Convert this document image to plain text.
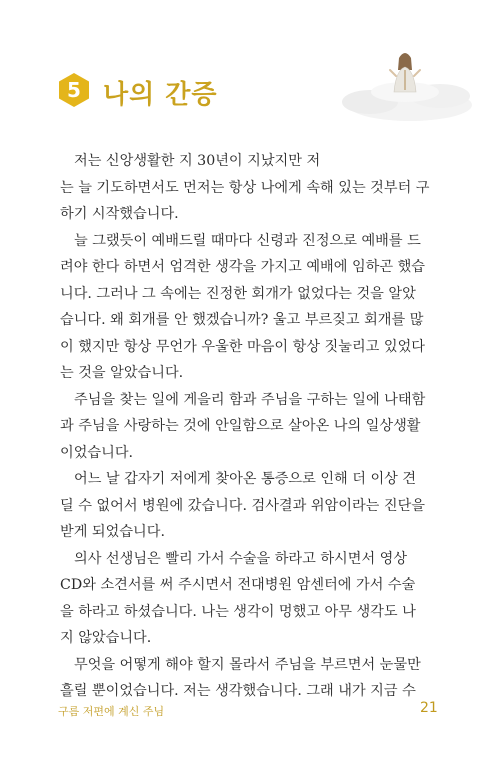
5 나의 간증
저는 신앙생활한 지 30년이 지났지만 저
는 늘 기도하면서도 먼저는 항상 나에게 속해 있는 것부터 구
하기 시작했습니다.
늘 그랬듯이 예배드릴 때마다 신령과 진정으로 예배를 드
려야 한다 하면서 엄격한 생각을 가지고 예배에 임하곤 했습
니다. 그러나 그 속에는 진정한 회개가 없었다는 것을 알았
습니다. 왜 회개를 안 했겠습니까? 울고 부르짖고 회개를 많
이 했지만 항상 무언가 우울한 마음이 항상 짓눌리고 있었다
는 것을 알았습니다.
주님을 찾는 일에 게을리 함과 주님을 구하는 일에 나태함
과 주님을 사랑하는 것에 안일함으로 살아온 나의 일상생활
이었습니다.
어느 날 갑자기 저에게 찾아온 통증으로 인해 더 이상 견
딜 수 없어서 병원에 갔습니다. 검사결과 위암이라는 진단을
받게 되었습니다.
의사 선생님은 빨리 가서 수술을 하라고 하시면서 영상
CD와 소견서를 써 주시면서 전대병원 암센터에 가서 수술
을 하라고 하셨습니다. 나는 생각이 멍했고 아무 생각도 나
지 않았습니다.
무엇을 어떻게 해야 할지 몰라서 주님을 부르면서 눈물만
흘릴 뿐이었습니다. 저는 생각했습니다. 그래 내가 지금 수
구름 저편에 계신 주님	21
